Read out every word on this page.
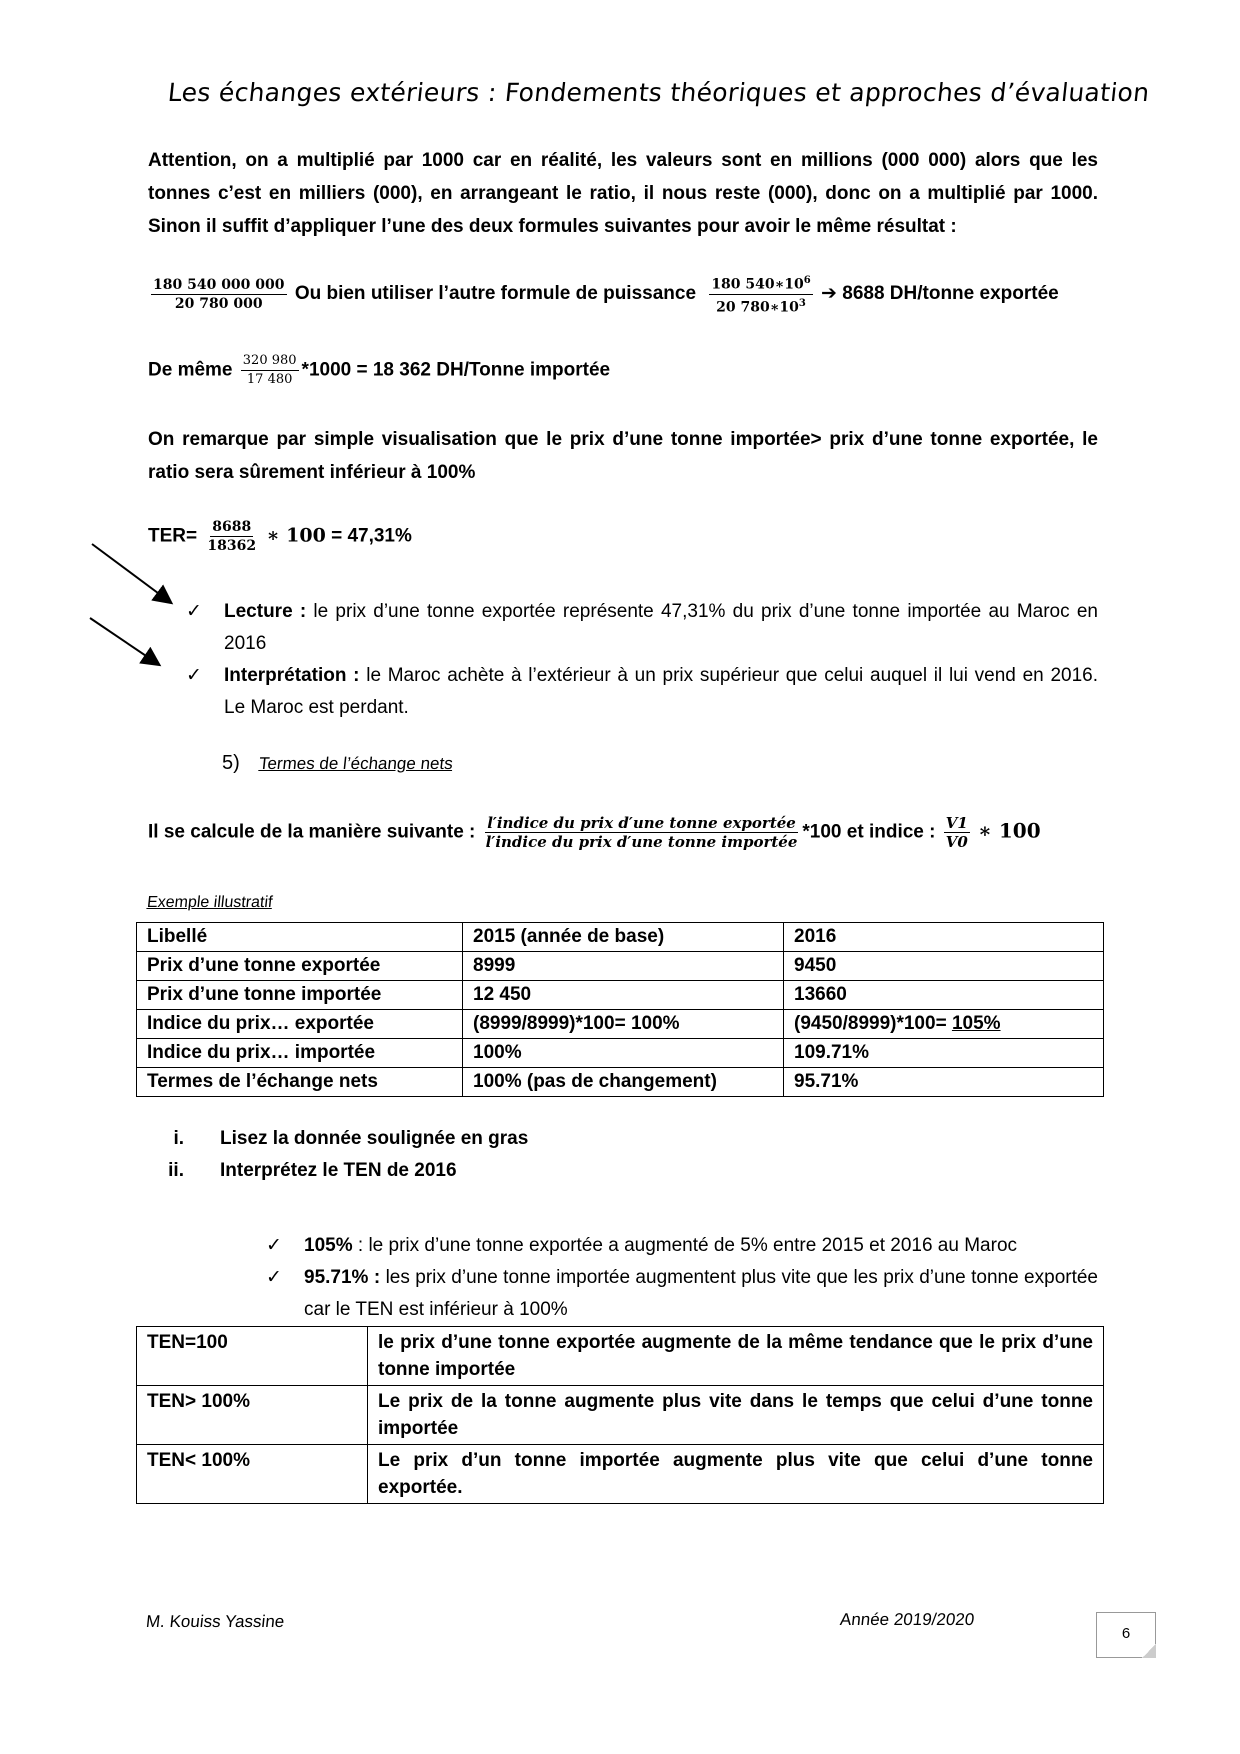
Les échanges extérieurs : Fondements théoriques et approches d’évaluation
Attention, on a multiplié par 1000 car en réalité, les valeurs sont en millions (000 000) alors que les tonnes c’est en milliers (000), en arrangeant le ratio, il nous reste (000), donc on a multiplié par 1000. Sinon il suffit d’appliquer l’une des deux formules suivantes pour avoir le même résultat :
$\frac{180 540 000 000}{20 780 000}$ Ou bien utiliser l’autre formule de puissance $\frac{180 540∗10^6}{20 780∗10^3}$ ➔ 8688 DH/tonne exportée
De même $\frac{320 980}{17 480} *1000 = 18$ 362 DH/Tonne importée
On remarque par simple visualisation que le prix d’une tonne importée> prix d’une tonne exportée, le ratio sera sûrement inférieur à 100%
$TER= \frac{8688}{18362}$ ∗ 100 = 47,31%
✓ Lecture : le prix d’une tonne exportée représente 47,31% du prix d’une tonne importée au Maroc en 2016
✓ Interprétation : le Maroc achète à l’extérieur à un prix supérieur que celui auquel il lui vend en 2016. Le Maroc est perdant.
5) Termes de l’échange nets
Il se calcule de la manière suivante : $\frac{\text{l′indice du prix d′une tonne exportée}}{\text{l′indice du prix d′une tonne importée}} *100$ et indice : $\frac{V1}{V0}$ ∗ 100
Exemple illustratif
Libellé	2015 (année de base)	2016
Prix d’une tonne exportée	8999	9450
Prix d’une tonne importée	12 450	13660
Indice du prix… exportée	(8999/8999)*100= 100%	(9450/8999)*100= 105%
Indice du prix… importée	100%	109.71%
Termes de l’échange nets	100% (pas de changement)	95.71%
i. Lisez la donnée soulignée en gras
ii. Interprétez le TEN de 2016
✓ 105% : le prix d’une tonne exportée a augmenté de 5% entre 2015 et 2016 au Maroc
✓ 95.71% : les prix d’une tonne importée augmentent plus vite que les prix d’une tonne exportée car le TEN est inférieur à 100%
TEN=100	le prix d’une tonne exportée augmente de la même tendance que le prix d’une tonne importée
TEN> 100%	Le prix de la tonne augmente plus vite dans le temps que celui d’une tonne importée
TEN< 100%	Le prix d’un tonne importée augmente plus vite que celui d’une tonne exportée.
M. Kouiss Yassine	Année 2019/2020
6
